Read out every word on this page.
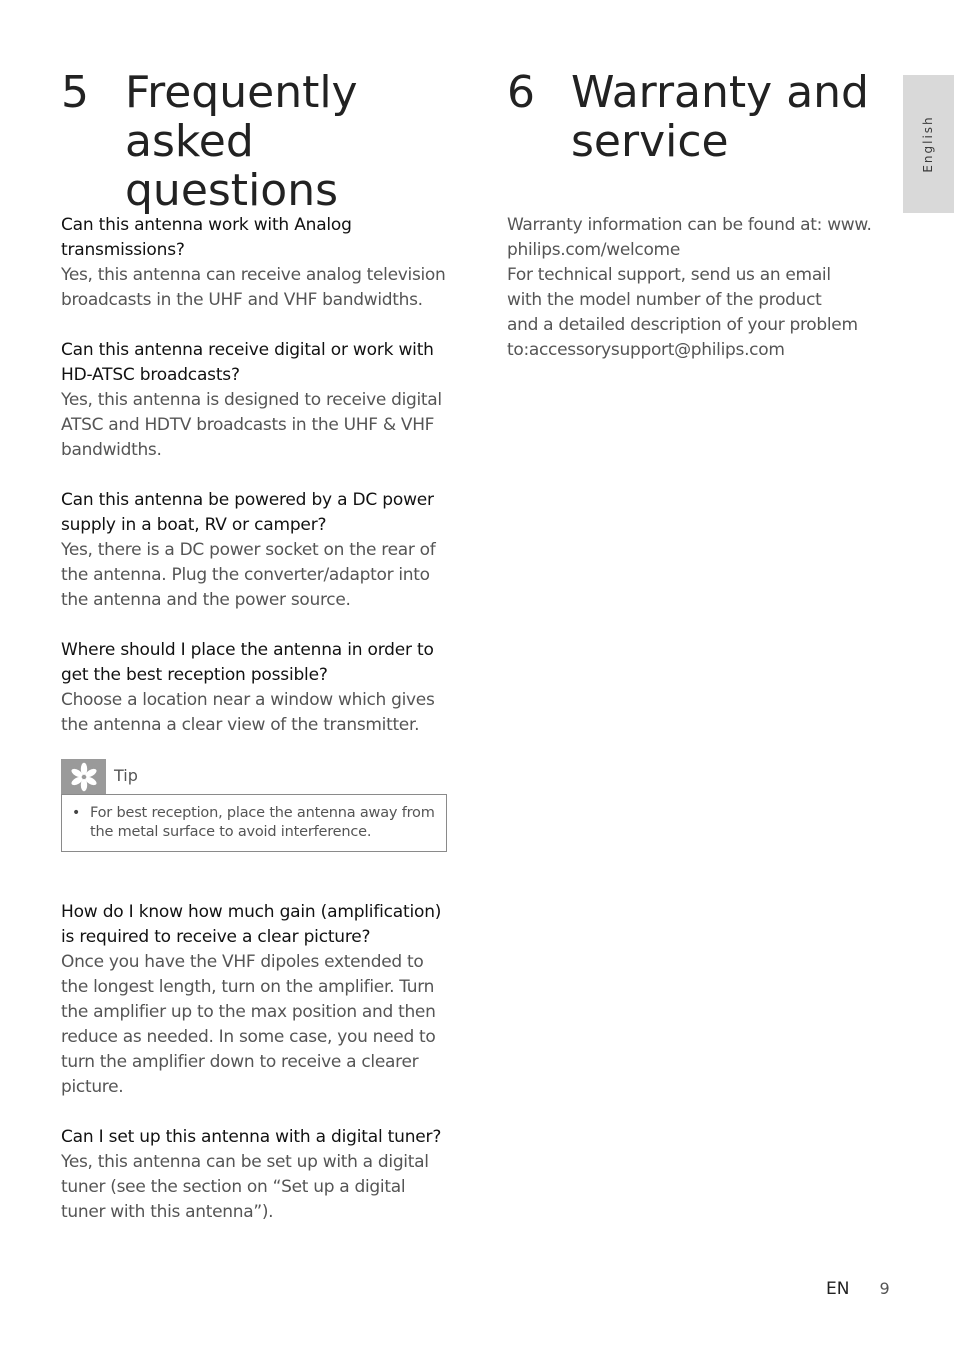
English
5 Frequently
asked questions
6 Warranty and
service

Can this antenna work with Analog transmissions?

Yes, this antenna can receive analog television broadcasts in the UHF and VHF bandwidths.

Can this antenna receive digital or work with HD-ATSC broadcasts?

Yes, this antenna is designed to receive digital ATSC and HDTV broadcasts in the UHF & VHF bandwidths.

Can this antenna be powered by a DC power supply in a boat, RV or camper?

Yes, there is a DC power socket on the rear of the antenna. Plug the converter/adaptor into the antenna and the power source.

Where should I place the antenna in order to get the best reception possible?

Choose a location near a window which gives the antenna a clear view of the transmitter.

Tip
• For best reception, place the antenna away from the metal surface to avoid interference.

How do I know how much gain (amplification) is required to receive a clear picture?

Once you have the VHF dipoles extended to the longest length, turn on the amplifier. Turn the amplifier up to the max position and then reduce as needed. In some case, you need to turn the amplifier down to receive a clearer picture.

Can I set up this antenna with a digital tuner?

Yes, this antenna can be set up with a digital tuner (see the section on “Set up a digital tuner with this antenna”).

Warranty information can be found at: www.

philips.com/welcome

For technical support, send us an email

with the model number of the product

and a detailed description of your problem

to:accessorysupport@philips.com

EN 9
